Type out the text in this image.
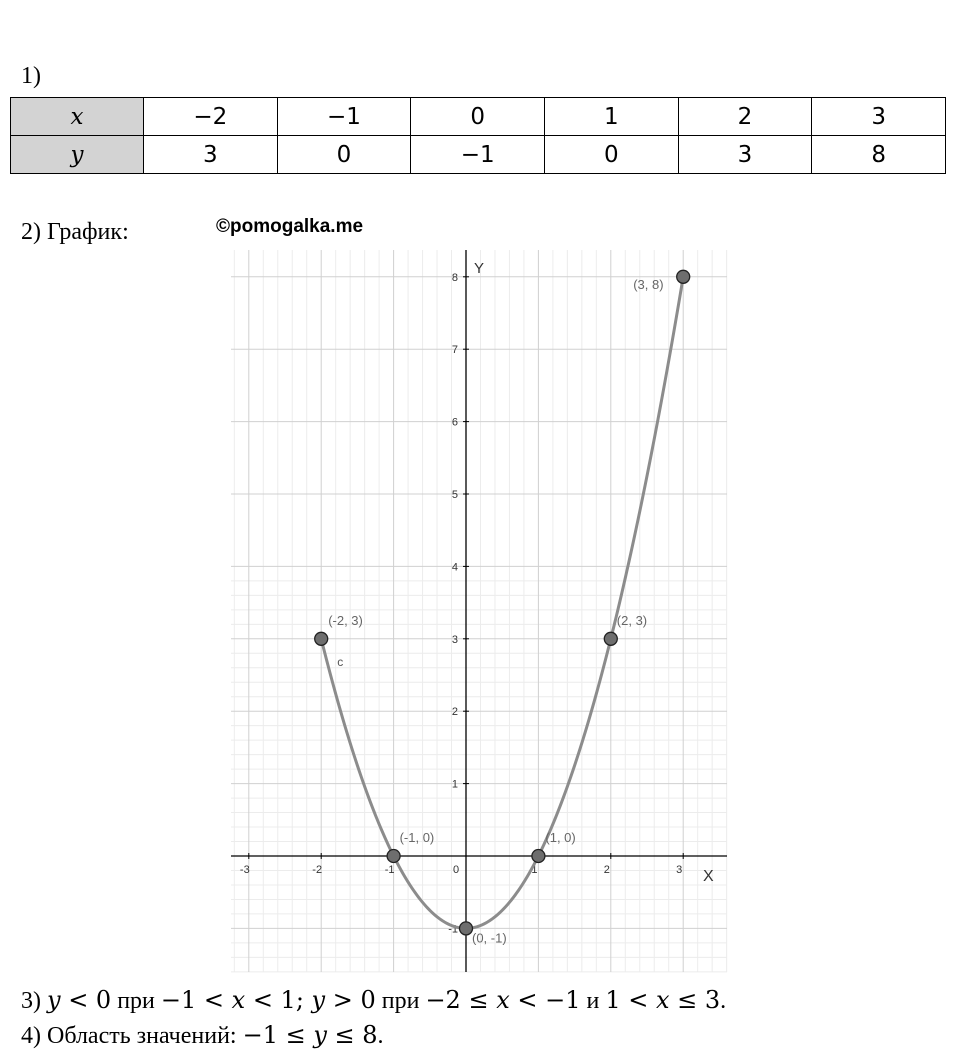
1)
x	−2	−1	0	1	2	3
y	3	0	−1	0	3	8
2) График:	©pomogalka.me
-3	-2	-1	0	1	2	3
-1
1
2
3
4
5
6
7
8
X
Y
c
(-2, 3)
(-1, 0)
(0, -1)
(1, 0)
(2, 3)
(3, 8)
3) y < 0 при −1 < x < 1; y > 0 при −2 ≤ x < −1 и 1 < x ≤ 3.
4) Область значений: −1 ≤ y ≤ 8.
